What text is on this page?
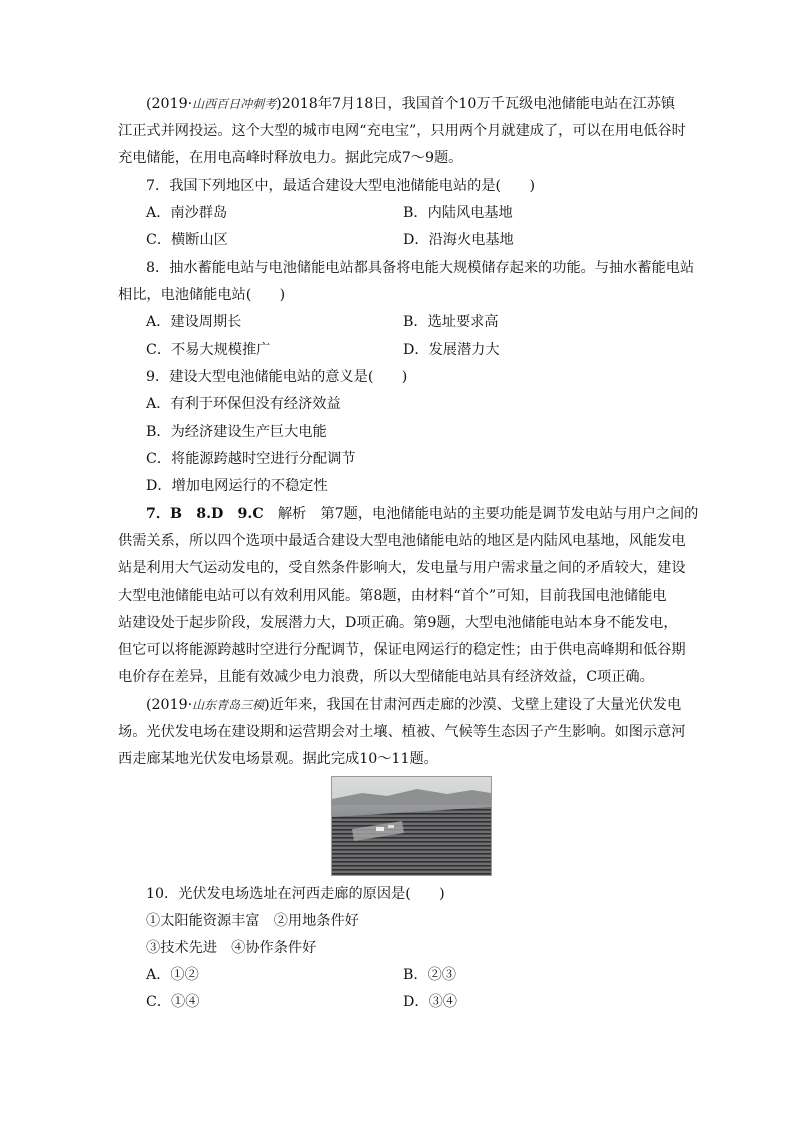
(2019·山西百日冲刺考)2018年7月18日，我国首个10万千瓦级电池储能电站在江苏镇
江正式并网投运。这个大型的城市电网“充电宝”，只用两个月就建成了，可以在用电低谷时
充电储能，在用电高峰时释放电力。据此完成7～9题。
7．我国下列地区中，最适合建设大型电池储能电站的是(　　)
A．南沙群岛	B．内陆风电基地
C．横断山区	D．沿海火电基地
8．抽水蓄能电站与电池储能电站都具备将电能大规模储存起来的功能。与抽水蓄能电站
相比，电池储能电站(　　)
A．建设周期长	B．选址要求高
C．不易大规模推广	D．发展潜力大
9．建设大型电池储能电站的意义是(　　)
A．有利于环保但没有经济效益
B．为经济建设生产巨大电能
C．将能源跨越时空进行分配调节
D．增加电网运行的不稳定性
7．B　8.D　9.C　 解析　 第7题，电池储能电站的主要功能是调节发电站与用户之间的
供需关系，所以四个选项中最适合建设大型电池储能电站的地区是内陆风电基地，风能发电
站是利用大气运动发电的，受自然条件影响大，发电量与用户需求量之间的矛盾较大，建设
大型电池储能电站可以有效利用风能。第8题，由材料“首个”可知，目前我国电池储能电
站建设处于起步阶段，发展潜力大，D项正确。第9题，大型电池储能电站本身不能发电，
但它可以将能源跨越时空进行分配调节，保证电网运行的稳定性；由于供电高峰期和低谷期
电价存在差异，且能有效减少电力浪费，所以大型储能电站具有经济效益，C项正确。
(2019·山东青岛三模)近年来，我国在甘肃河西走廊的沙漠、戈壁上建设了大量光伏发电
场。光伏发电场在建设期和运营期会对土壤、植被、气候等生态因子产生影响。如图示意河
西走廊某地光伏发电场景观。据此完成10～11题。
10．光伏发电场选址在河西走廊的原因是(　　)
①太阳能资源丰富　②用地条件好
③技术先进　④协作条件好
A．①②	B．②③
C．①④	D．③④
